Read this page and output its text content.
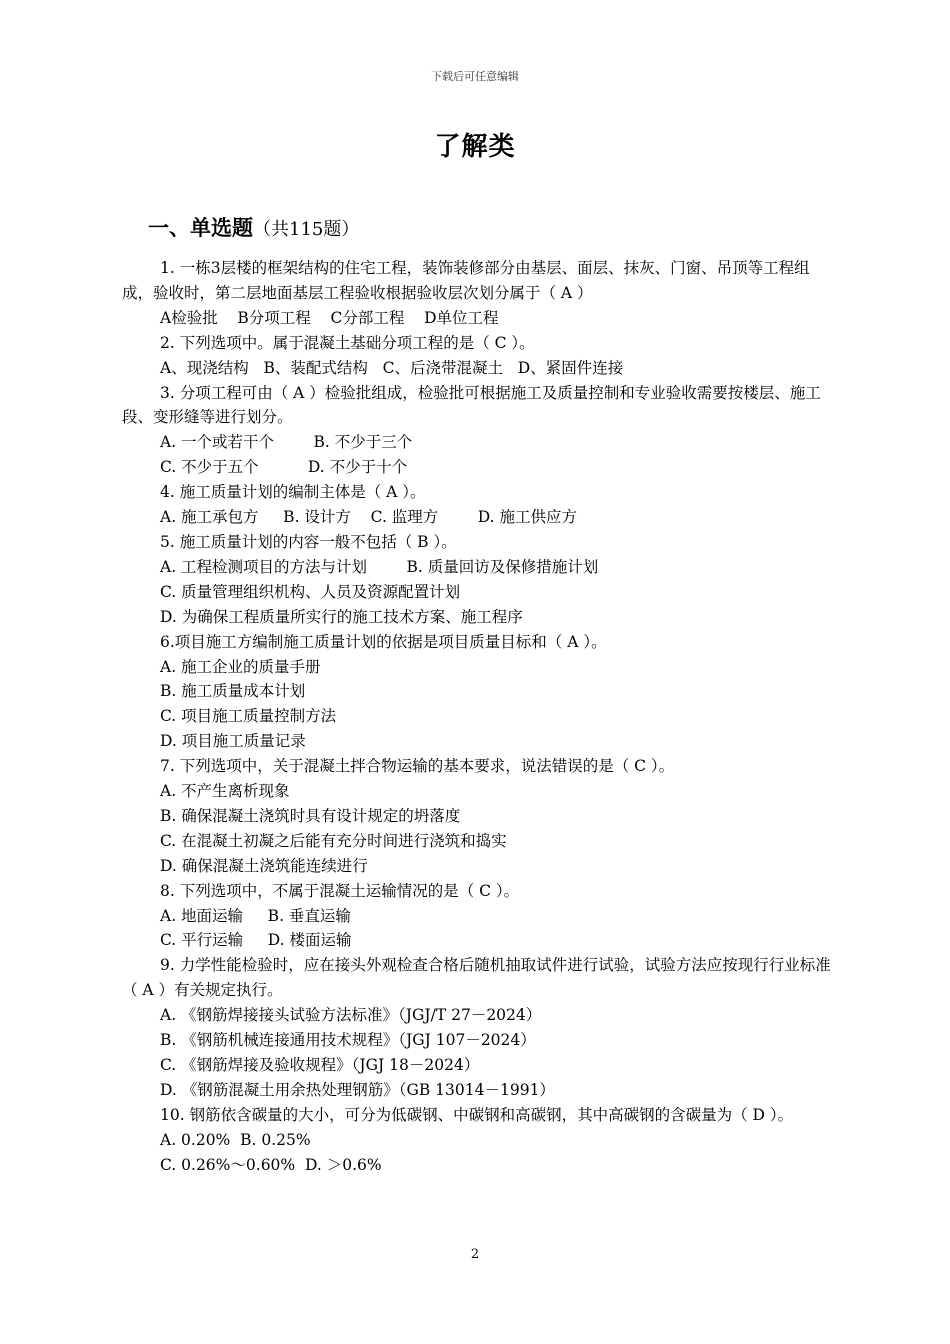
下载后可任意编辑
了解类
一、单选题（共115题）

1. 一栋3层楼的框架结构的住宅工程，装饰装修部分由基层、面层、抹灰、门窗、吊顶等工程组成，验收时，第二层地面基层工程验收根据验收层次划分属于（ A ）

A检验批    B分项工程    C分部工程    D单位工程

2. 下列选项中。属于混凝土基础分项工程的是（ C ）。

A、现浇结构   B、装配式结构   C、后浇带混凝土   D、紧固件连接

3. 分项工程可由（ A ）检验批组成，检验批可根据施工及质量控制和专业验收需要按楼层、施工段、变形缝等进行划分。

A. 一个或若干个        B. 不少于三个

C. 不少于五个          D. 不少于十个

4. 施工质量计划的编制主体是（ A ）。

A. 施工承包方     B. 设计方    C. 监理方        D. 施工供应方

5. 施工质量计划的内容一般不包括（ B ）。

A. 工程检测项目的方法与计划        B. 质量回访及保修措施计划

C. 质量管理组织机构、人员及资源配置计划

D. 为确保工程质量所实行的施工技术方案、施工程序

6.项目施工方编制施工质量计划的依据是项目质量目标和（ A ）。

A. 施工企业的质量手册

B. 施工质量成本计划

C. 项目施工质量控制方法

D. 项目施工质量记录

7. 下列选项中，关于混凝土拌合物运输的基本要求，说法错误的是（ C ）。

A. 不产生离析现象

B. 确保混凝土浇筑时具有设计规定的坍落度

C. 在混凝土初凝之后能有充分时间进行浇筑和捣实

D. 确保混凝土浇筑能连续进行

8. 下列选项中，不属于混凝土运输情况的是（ C ）。

A. 地面运输     B. 垂直运输

C. 平行运输     D. 楼面运输

9. 力学性能检验时，应在接头外观检查合格后随机抽取试件进行试验，试验方法应按现行行业标准（ A ）有关规定执行。

A. 《钢筋焊接接头试验方法标准》（JGJ/T 27－2024）

B. 《钢筋机械连接通用技术规程》（JGJ 107－2024）

C. 《钢筋焊接及验收规程》（JGJ 18－2024）

D. 《钢筋混凝土用余热处理钢筋》（GB 13014－1991）

10. 钢筋依含碳量的大小，可分为低碳钢、中碳钢和高碳钢，其中高碳钢的含碳量为（ D ）。

A. 0.20%  B. 0.25%

C. 0.26%～0.60%  D. ＞0.6%

2
